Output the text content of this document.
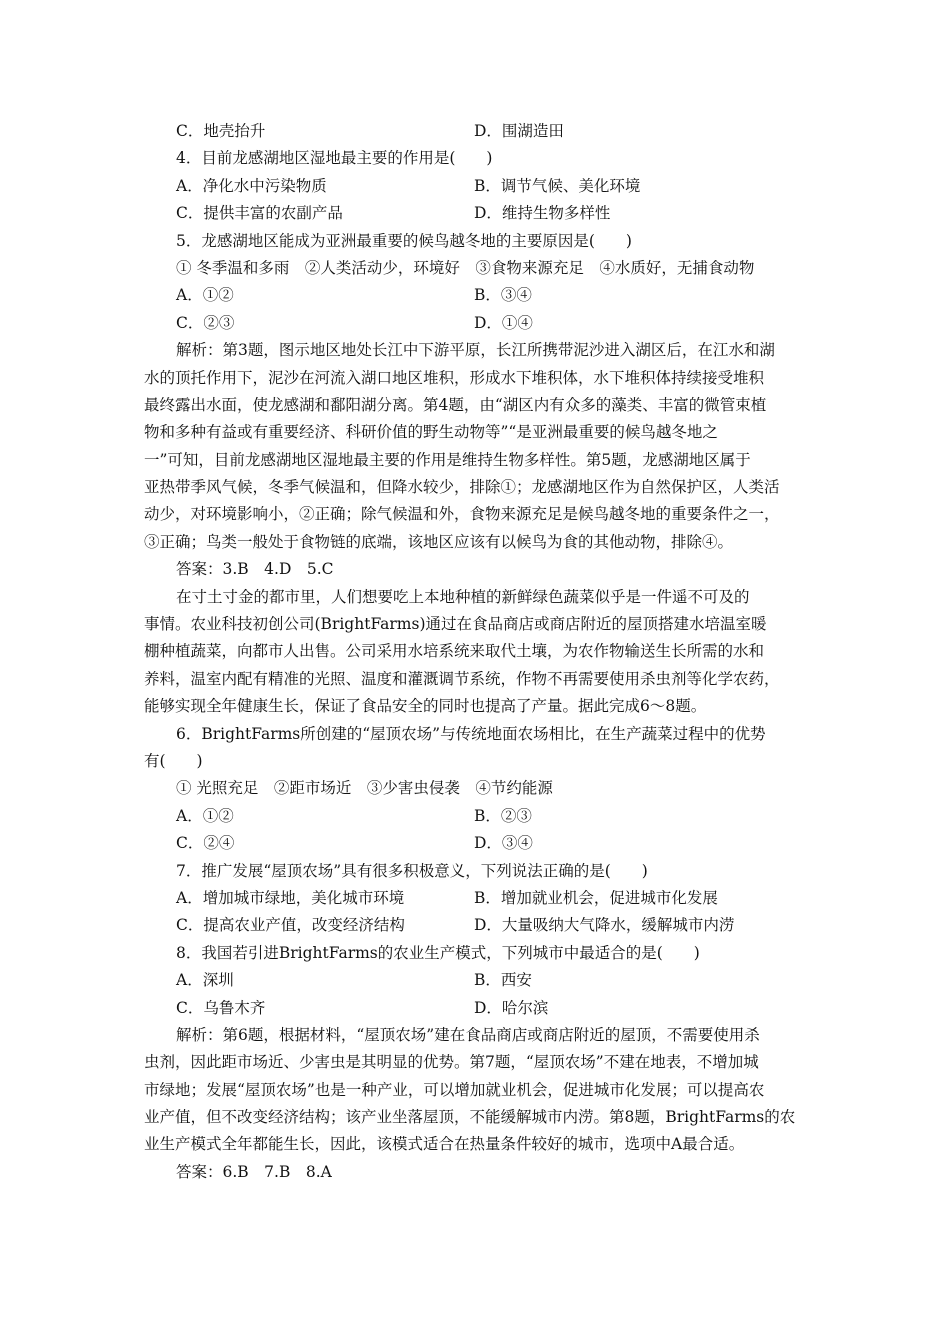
C．地壳抬升	D．围湖造田
4．目前龙感湖地区湿地最主要的作用是(　　)
A．净化水中污染物质	B．调节气候、美化环境
C．提供丰富的农副产品	D．维持生物多样性
5．龙感湖地区能成为亚洲最重要的候鸟越冬地的主要原因是(　　)
① 冬季温和多雨　②人类活动少，环境好　③食物来源充足　④水质好，无捕食动物
A．①②	B．③④
C．②③	D．①④
解析：第3题，图示地区地处长江中下游平原，长江所携带泥沙进入湖区后，在江水和湖
水的顶托作用下，泥沙在河流入湖口地区堆积，形成水下堆积体，水下堆积体持续接受堆积
最终露出水面，使龙感湖和鄱阳湖分离。第4题，由“湖区内有众多的藻类、丰富的微管束植
物和多种有益或有重要经济、科研价值的野生动物等”“是亚洲最重要的候鸟越冬地之
一”可知，目前龙感湖地区湿地最主要的作用是维持生物多样性。第5题，龙感湖地区属于
亚热带季风气候，冬季气候温和，但降水较少，排除①；龙感湖地区作为自然保护区，人类活
动少，对环境影响小，②正确；除气候温和外，食物来源充足是候鸟越冬地的重要条件之一，
③正确；鸟类一般处于食物链的底端，该地区应该有以候鸟为食的其他动物，排除④。
答案：3.B　4.D　5.C
在寸土寸金的都市里，人们想要吃上本地种植的新鲜绿色蔬菜似乎是一件遥不可及的
事情。农业科技初创公司(BrightFarms)通过在食品商店或商店附近的屋顶搭建水培温室暖
棚种植蔬菜，向都市人出售。公司采用水培系统来取代土壤，为农作物输送生长所需的水和
养料，温室内配有精准的光照、温度和灌溉调节系统，作物不再需要使用杀虫剂等化学农药，
能够实现全年健康生长，保证了食品安全的同时也提高了产量。据此完成6～8题。
6．BrightFarms所创建的“屋顶农场”与传统地面农场相比，在生产蔬菜过程中的优势
有(　　)
① 光照充足　②距市场近　③少害虫侵袭　④节约能源
A．①②	B．②③
C．②④	D．③④
7．推广发展“屋顶农场”具有很多积极意义，下列说法正确的是(　　)
A．增加城市绿地，美化城市环境	B．增加就业机会，促进城市化发展
C．提高农业产值，改变经济结构	D．大量吸纳大气降水，缓解城市内涝
8．我国若引进BrightFarms的农业生产模式，下列城市中最适合的是(　　)
A．深圳	B．西安
C．乌鲁木齐	D．哈尔滨
解析：第6题，根据材料，“屋顶农场”建在食品商店或商店附近的屋顶，不需要使用杀
虫剂，因此距市场近、少害虫是其明显的优势。第7题，“屋顶农场”不建在地表，不增加城
市绿地；发展“屋顶农场”也是一种产业，可以增加就业机会，促进城市化发展；可以提高农
业产值，但不改变经济结构；该产业坐落屋顶，不能缓解城市内涝。第8题，BrightFarms的农
业生产模式全年都能生长，因此，该模式适合在热量条件较好的城市，选项中A最合适。
答案：6.B　7.B　8.A
